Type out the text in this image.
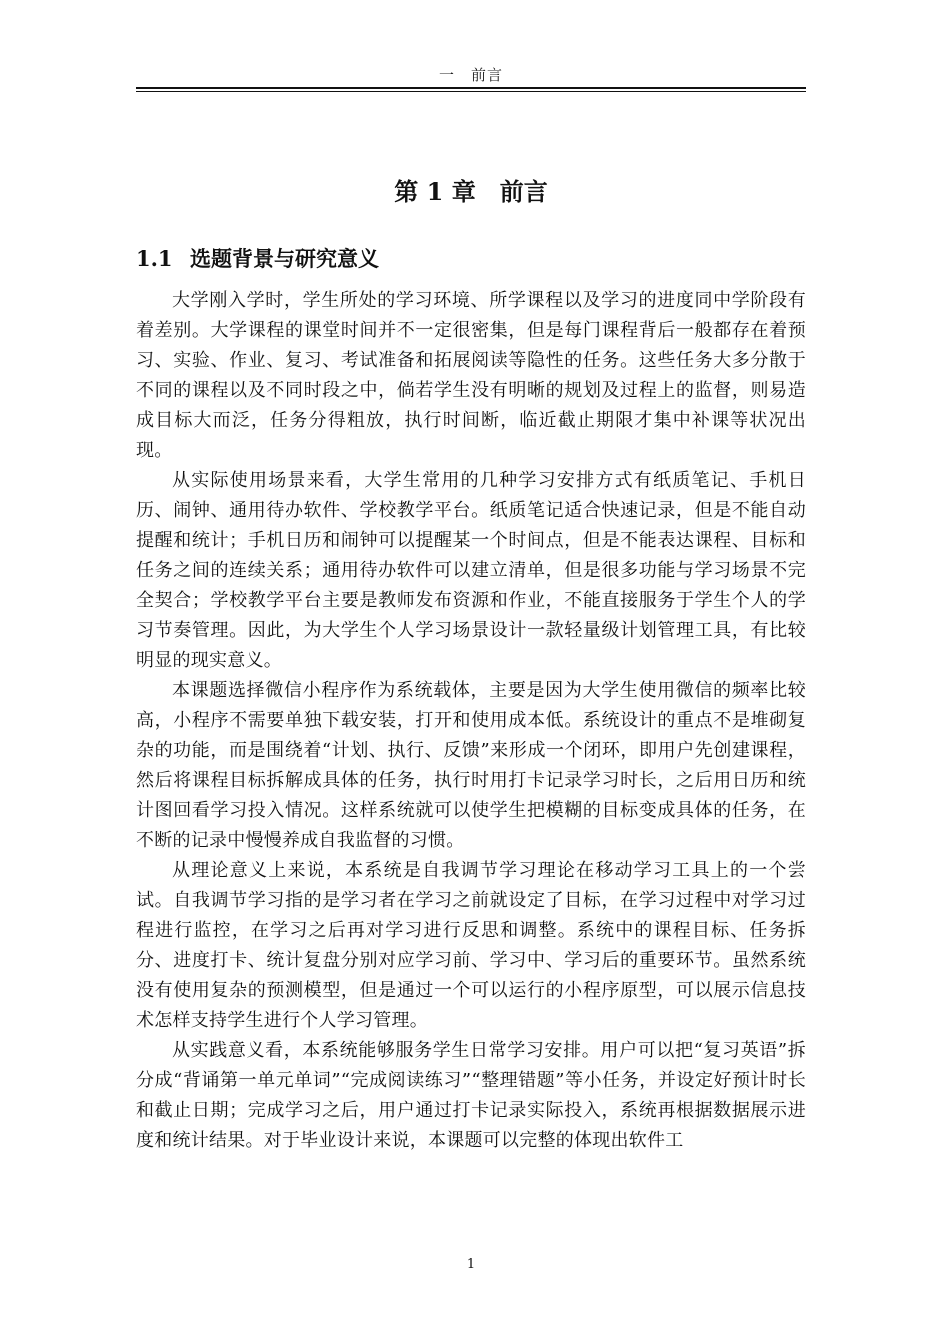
一　前言
第 1 章　前言
1.1 选题背景与研究意义

大学刚入学时，学生所处的学习环境、所学课程以及学习的进度同中学阶段有着差别。大学课程的课堂时间并不一定很密集，但是每门课程背后一般都存在着预习、实验、作业、复习、考试准备和拓展阅读等隐性的任务。这些任务大多分散于不同的课程以及不同时段之中，倘若学生没有明晰的规划及过程上的监督，则易造成目标大而泛，任务分得粗放，执行时间断，临近截止期限才集中补课等状况出现。

从实际使用场景来看，大学生常用的几种学习安排方式有纸质笔记、手机日历、闹钟、通用待办软件、学校教学平台。纸质笔记适合快速记录，但是不能自动提醒和统计；手机日历和闹钟可以提醒某一个时间点，但是不能表达课程、目标和任务之间的连续关系；通用待办软件可以建立清单，但是很多功能与学习场景不完全契合；学校教学平台主要是教师发布资源和作业，不能直接服务于学生个人的学习节奏管理。因此，为大学生个人学习场景设计一款轻量级计划管理工具，有比较明显的现实意义。

本课题选择微信小程序作为系统载体，主要是因为大学生使用微信的频率比较高，小程序不需要单独下载安装，打开和使用成本低。系统设计的重点不是堆砌复杂的功能，而是围绕着“计划、执行、反馈”来形成一个闭环，即用户先创建课程，然后将课程目标拆解成具体的任务，执行时用打卡记录学习时长，之后用日历和统计图回看学习投入情况。这样系统就可以使学生把模糊的目标变成具体的任务，在不断的记录中慢慢养成自我监督的习惯。

从理论意义上来说，本系统是自我调节学习理论在移动学习工具上的一个尝试。自我调节学习指的是学习者在学习之前就设定了目标，在学习过程中对学习过程进行监控，在学习之后再对学习进行反思和调整。系统中的课程目标、任务拆分、进度打卡、统计复盘分别对应学习前、学习中、学习后的重要环节。虽然系统没有使用复杂的预测模型，但是通过一个可以运行的小程序原型，可以展示信息技术怎样支持学生进行个人学习管理。

从实践意义看，本系统能够服务学生日常学习安排。用户可以把“复习英语”拆分成“背诵第一单元单词”“完成阅读练习”“整理错题”等小任务，并设定好预计时长和截止日期；完成学习之后，用户通过打卡记录实际投入，系统再根据数据展示进度和统计结果。对于毕业设计来说，本课题可以完整的体现出软件工

1
